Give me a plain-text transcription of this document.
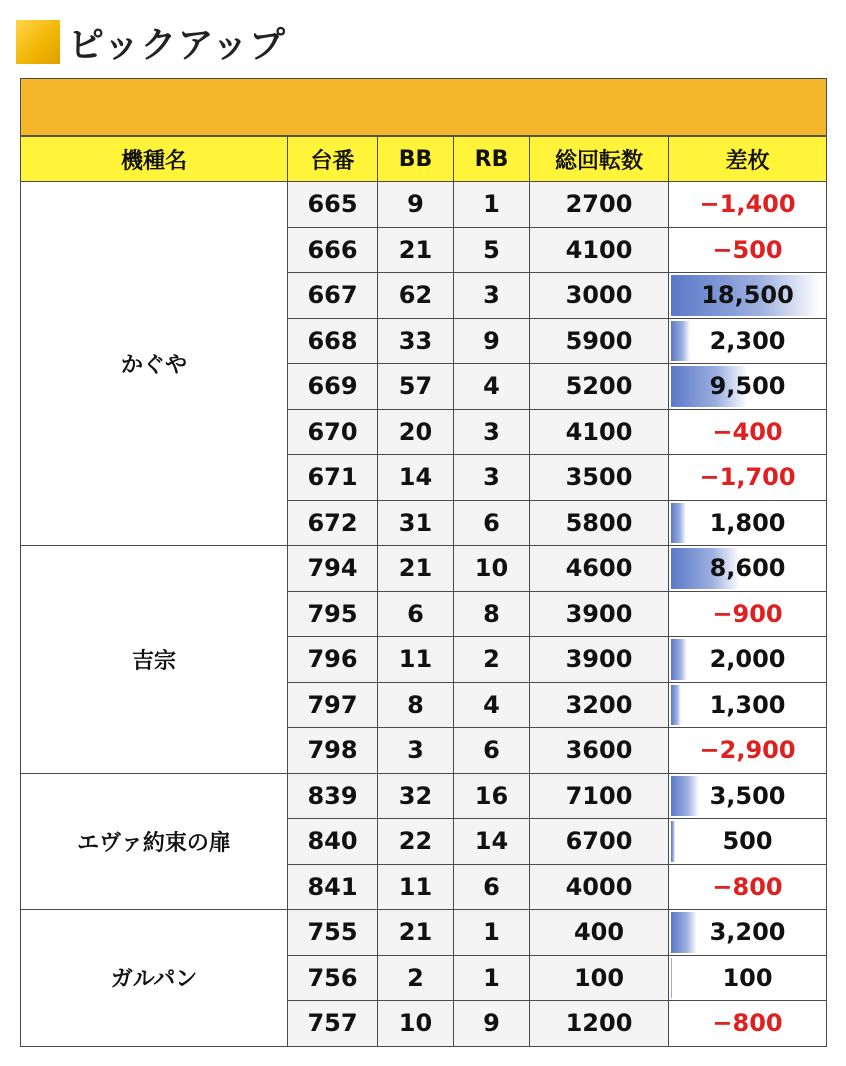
ピックアップ

機種名	台番	BB	RB	総回転数	差枚
かぐや	665	9	1	2700	−1,400
	666	21	5	4100	−500
	667	62	3	3000	18,500
	668	33	9	5900	2,300
	669	57	4	5200	9,500
	670	20	3	4100	−400
	671	14	3	3500	−1,700
	672	31	6	5800	1,800
吉宗	794	21	10	4600	8,600
	795	6	8	3900	−900
	796	11	2	3900	2,000
	797	8	4	3200	1,300
	798	3	6	3600	−2,900
エヴァ約束の扉	839	32	16	7100	3,500
	840	22	14	6700	500
	841	11	6	4000	−800
ガルパン	755	21	1	400	3,200
	756	2	1	100	100
	757	10	9	1200	−800
